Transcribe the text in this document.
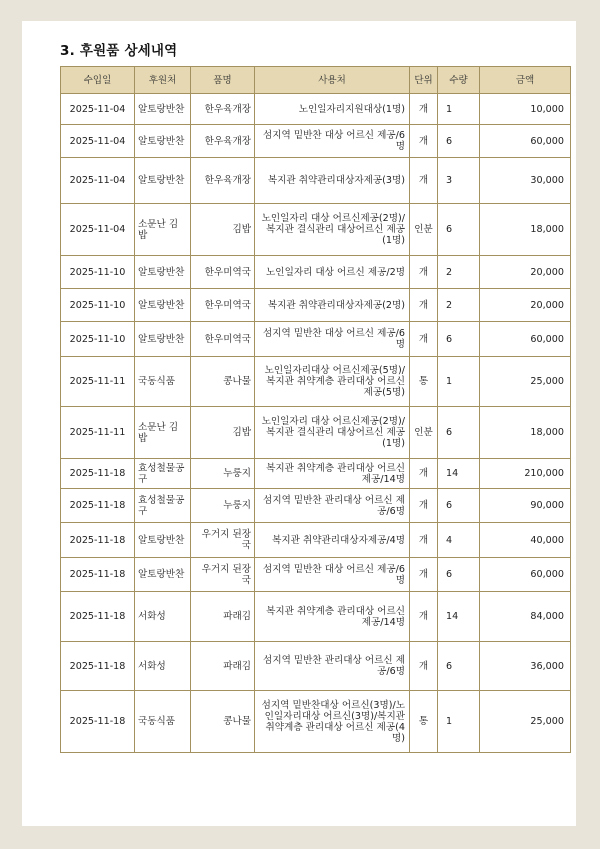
3. 후원품 상세내역
수입일	후원처	품명	사용처	단위	수량	금액
2025-11-04	알토랑반찬	한우육개장	노인일자리지원대상(1명)	개	1	10,000
2025-11-04	알토랑반찬	한우육개장	섬지역 밑반찬 대상 어르신 제공/6명	개	6	60,000
2025-11-04	알토랑반찬	한우육개장	복지관 취약관리대상자제공(3명)	개	3	30,000
2025-11-04	소문난 김밥	김밥	노인일자리 대상 어르신제공(2명)/복지관 결식관리 대상어르신 제공(1명)	인분	6	18,000
2025-11-10	알토랑반찬	한우미역국	노인일자리 대상 어르신 제공/2명	개	2	20,000
2025-11-10	알토랑반찬	한우미역국	복지관 취약관리대상자제공(2명)	개	2	20,000
2025-11-10	알토랑반찬	한우미역국	섬지역 밑반찬 대상 어르신 제공/6명	개	6	60,000
2025-11-11	국동식품	콩나물	노인일자리대상 어르신제공(5명)/복지관 취약계층 관리대상 어르신 제공(5명)	통	1	25,000
2025-11-11	소문난 김밥	김밥	노인일자리 대상 어르신제공(2명)/복지관 결식관리 대상어르신 제공(1명)	인분	6	18,000
2025-11-18	효성철물공구	누룽지	복지관 취약계층 관리대상 어르신 제공/14명	개	14	210,000
2025-11-18	효성철물공구	누룽지	섬지역 밑반찬 관리대상 어르신 제공/6명	개	6	90,000
2025-11-18	알토랑반찬	우거지 된장국	복지관 취약관리대상자제공/4명	개	4	40,000
2025-11-18	알토랑반찬	우거지 된장국	섬지역 밑반찬 대상 어르신 제공/6명	개	6	60,000
2025-11-18	서화성	파래김	복지관 취약계층 관리대상 어르신 제공/14명	개	14	84,000
2025-11-18	서화성	파래김	섬지역 밑반찬 관리대상 어르신 제공/6명	개	6	36,000
2025-11-18	국동식품	콩나물	섬지역 밑반찬대상 어르신(3명)/노인일자리대상 어르신(3명)/복지관 취약계층 관리대상 어르신 제공(4명)	통	1	25,000
